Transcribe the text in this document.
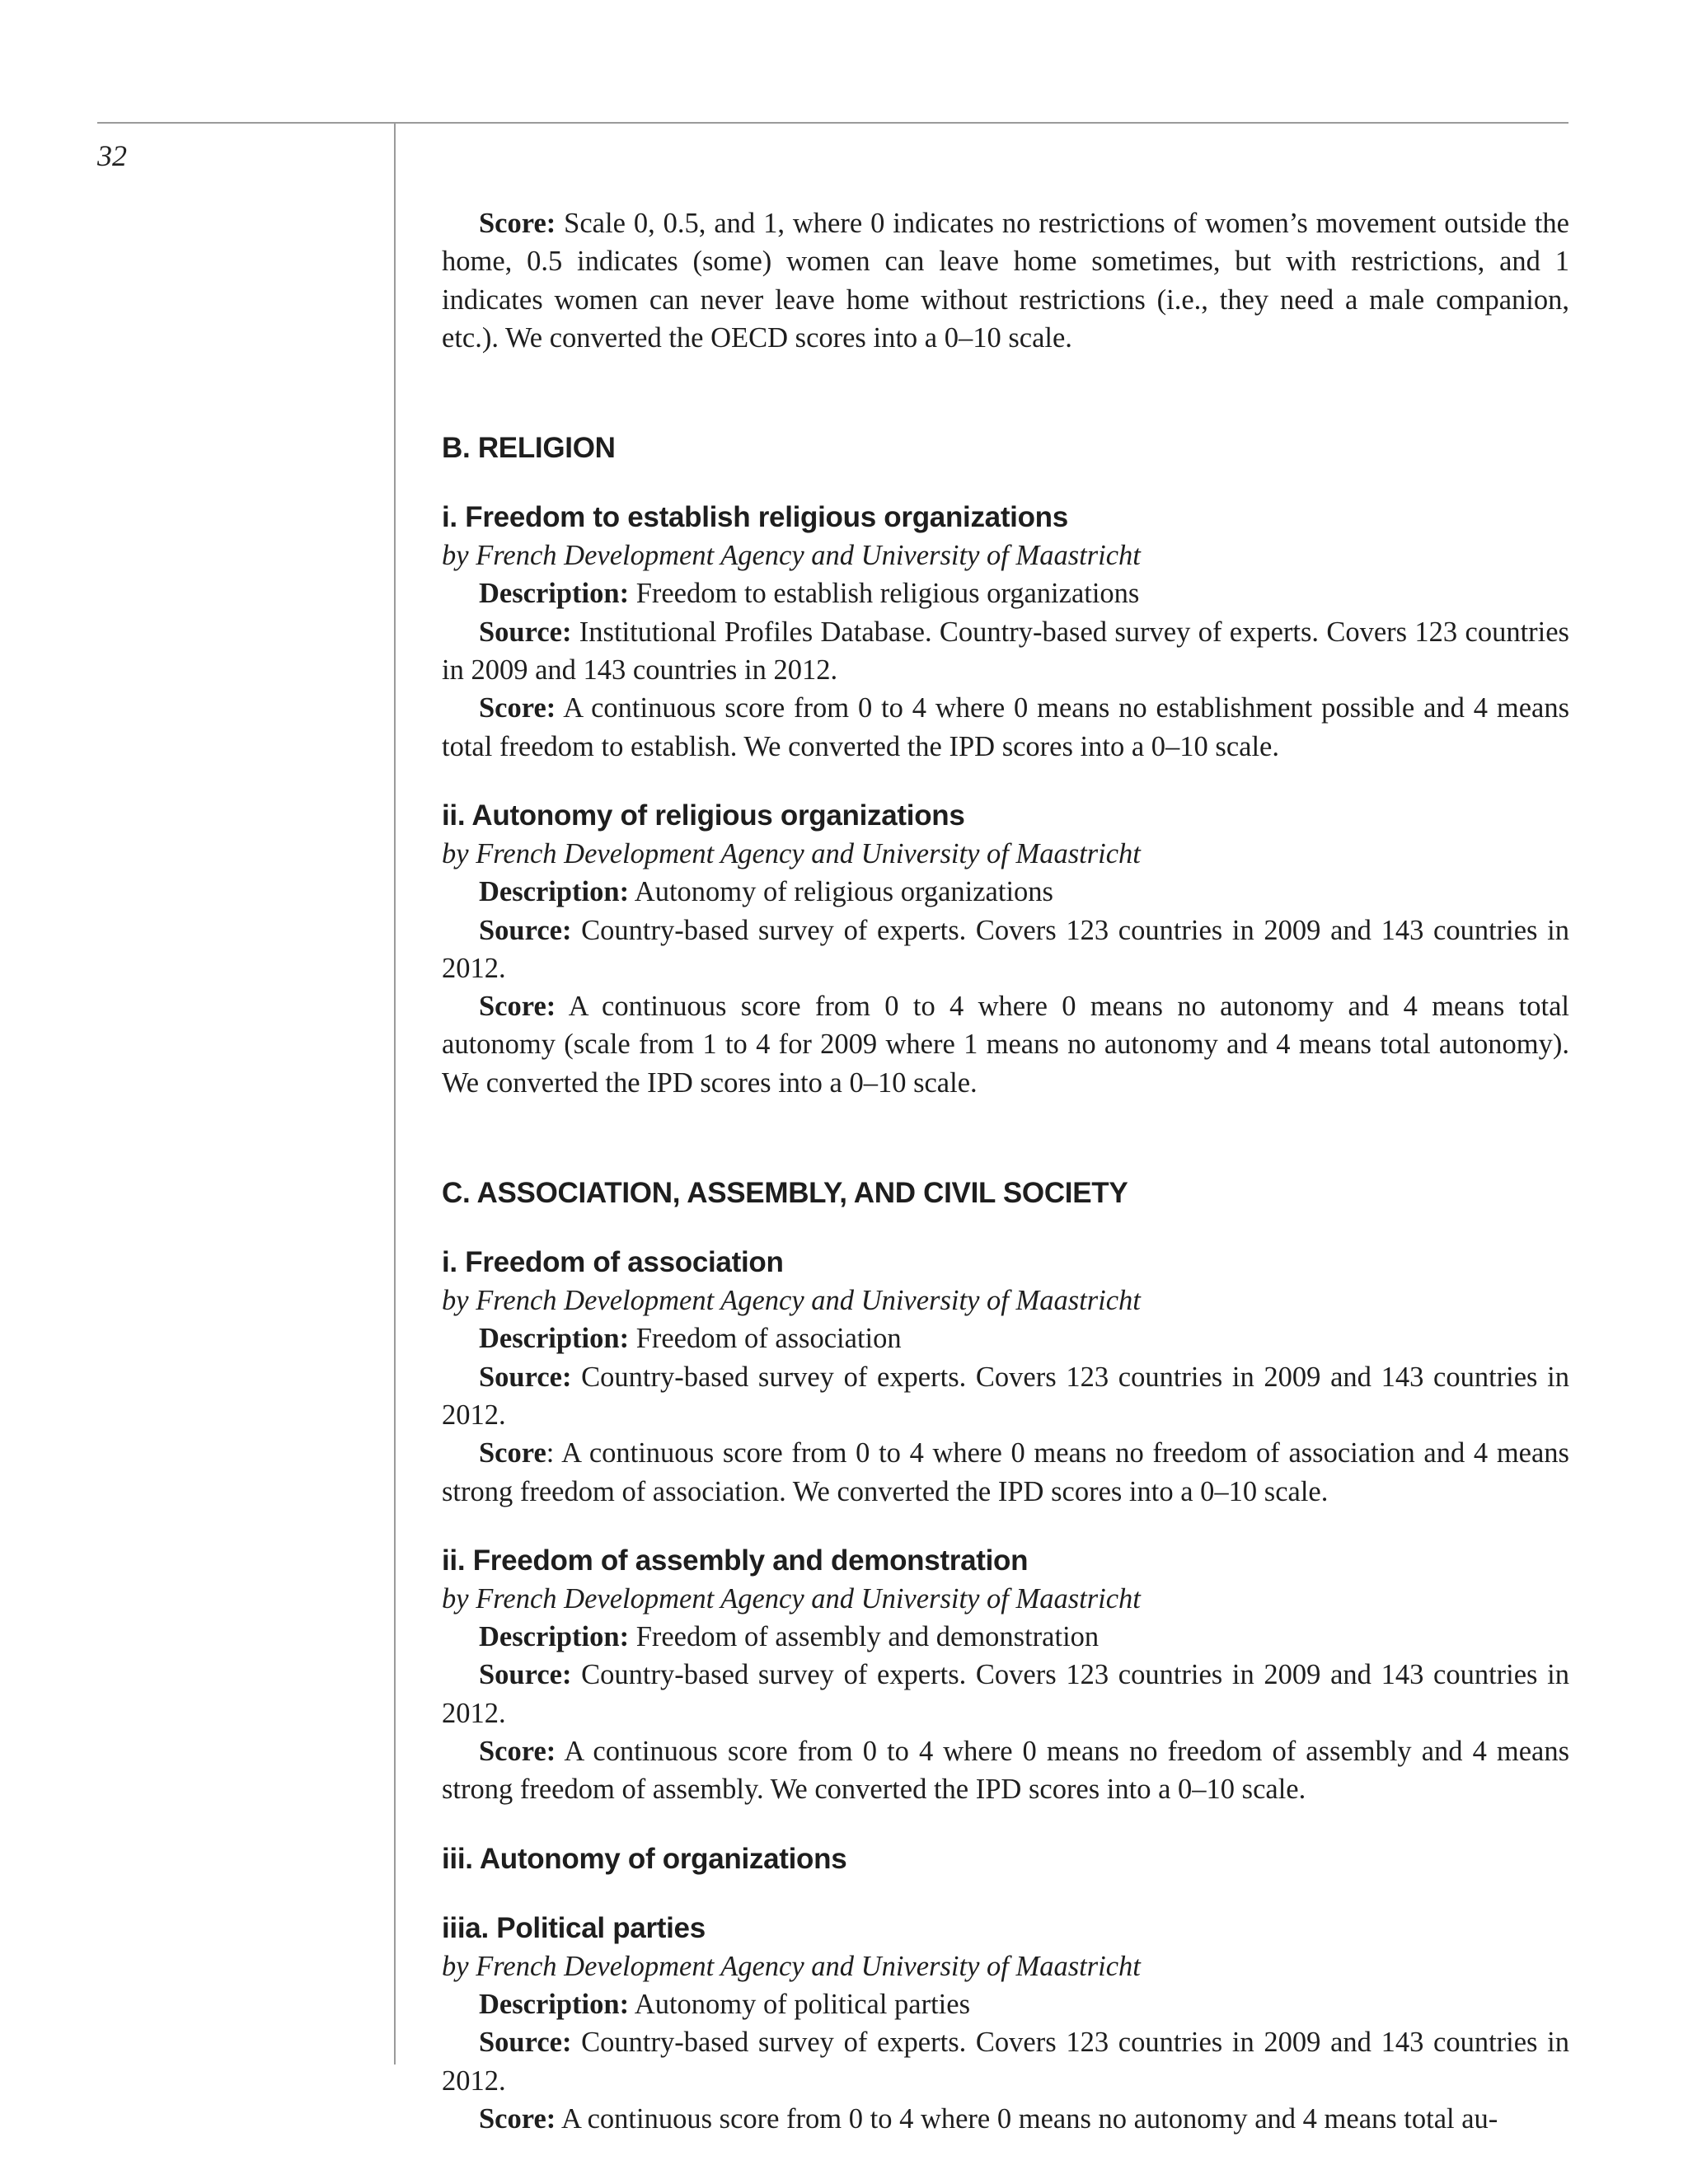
32

Score: Scale 0, 0.5, and 1, where 0 indicates no restrictions of women’s movement outside the home, 0.5 indicates (some) women can leave home sometimes, but with restrictions, and 1 indicates women can never leave home without restrictions (i.e., they need a male companion, etc.). We converted the OECD scores into a 0–10 scale.

B. RELIGION
i. Freedom to establish religious organizations

by French Development Agency and University of Maastricht

Description: Freedom to establish religious organizations

Source: Institutional Profiles Database. Country-based survey of experts. Covers 123 countries in 2009 and 143 countries in 2012.

Score: A continuous score from 0 to 4 where 0 means no establishment possible and 4 means total freedom to establish. We converted the IPD scores into a 0–10 scale.

ii. Autonomy of religious organizations

by French Development Agency and University of Maastricht

Description: Autonomy of religious organizations

Source: Country-based survey of experts. Covers 123 countries in 2009 and 143 countries in 2012.

Score: A continuous score from 0 to 4 where 0 means no autonomy and 4 means total autonomy (scale from 1 to 4 for 2009 where 1 means no autonomy and 4 means total autonomy). We converted the IPD scores into a 0–10 scale.

C. ASSOCIATION, ASSEMBLY, AND CIVIL SOCIETY
i. Freedom of association

by French Development Agency and University of Maastricht

Description: Freedom of association

Source: Country-based survey of experts. Covers 123 countries in 2009 and 143 countries in 2012.

Score: A continuous score from 0 to 4 where 0 means no freedom of association and 4 means strong freedom of association. We converted the IPD scores into a 0–10 scale.

ii. Freedom of assembly and demonstration

by French Development Agency and University of Maastricht

Description: Freedom of assembly and demonstration

Source: Country-based survey of experts. Covers 123 countries in 2009 and 143 countries in 2012.

Score: A continuous score from 0 to 4 where 0 means no freedom of assembly and 4 means strong freedom of assembly. We converted the IPD scores into a 0–10 scale.

iii. Autonomy of organizations
iiia. Political parties

by French Development Agency and University of Maastricht

Description: Autonomy of political parties

Source: Country-based survey of experts. Covers 123 countries in 2009 and 143 countries in 2012.

Score: A continuous score from 0 to 4 where 0 means no autonomy and 4 means total au-
